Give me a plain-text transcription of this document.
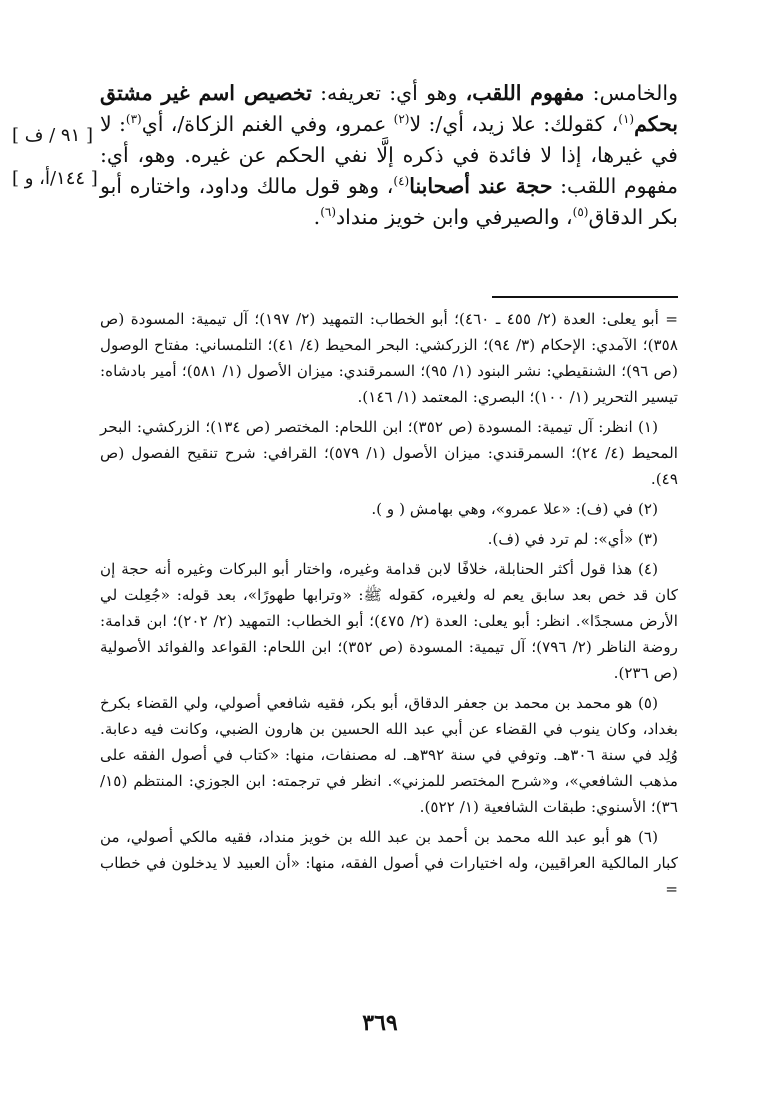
والخامس: مفهوم اللقب، وهو أي: تعريفه: تخصيص اسم غير مشتق بحكم$^{(١)}$، كقولك: علا زيد، أي/: لا$^{(٢)}$ عمرو، وفي الغنم الزكاة/، أي$^{(٣)}$: لا في غيرها، إذا لا فائدة في ذكره إلَّا نفي الحكم عن غيره. وهو، أي: مفهوم اللقب: حجة عند أصحابنا$^{(٤)}$، وهو قول مالك وداود، واختاره أبو بكر الدقاق$^{(٥)}$، والصيرفي وابن خويز منداد$^{(٦)}$.

[ ٩١ / ف ]
[ ١٤٤/أ، و ]

= أبو يعلى: العدة (٢/ ٤٥٥ ـ ٤٦٠)؛ أبو الخطاب: التمهيد (٢/ ١٩٧)؛ آل تيمية: المسودة (ص ٣٥٨)؛ الآمدي: الإحكام (٣/ ٩٤)؛ الزركشي: البحر المحيط (٤/ ٤١)؛ التلمساني: مفتاح الوصول (ص ٩٦)؛ الشنقيطي: نشر البنود (١/ ٩٥)؛ السمرقندي: ميزان الأصول (١/ ٥٨١)؛ أمير بادشاه: تيسير التحرير (١/ ١٠٠)؛ البصري: المعتمد (١/ ١٤٦).

(١) انظر: آل تيمية: المسودة (ص ٣٥٢)؛ ابن اللحام: المختصر (ص ١٣٤)؛ الزركشي: البحر المحيط (٤/ ٢٤)؛ السمرقندي: ميزان الأصول (١/ ٥٧٩)؛ القرافي: شرح تنقيح الفصول (ص ٤٩).

(٢) في (ف): «علا عمرو»، وهي بهامش ( و ).

(٣) «أي»: لم ترد في (ف).

(٤) هذا قول أكثر الحنابلة، خلافًا لابن قدامة وغيره، واختار أبو البركات وغيره أنه حجة إن كان قد خص بعد سابق يعم له ولغيره، كقوله ﷺ: «وترابها طهورًا»، بعد قوله: «جُعِلت لي الأرض مسجدًا». انظر: أبو يعلى: العدة (٢/ ٤٧٥)؛ أبو الخطاب: التمهيد (٢/ ٢٠٢)؛ ابن قدامة: روضة الناظر (٢/ ٧٩٦)؛ آل تيمية: المسودة (ص ٣٥٢)؛ ابن اللحام: القواعد والفوائد الأصولية (ص ٢٣٦).

(٥) هو محمد بن محمد بن جعفر الدقاق، أبو بكر، فقيه شافعي أصولي، ولي القضاء بكرخ بغداد، وكان ينوب في القضاء عن أبي عبد الله الحسين بن هارون الضبي، وكانت فيه دعابة. وُلِد في سنة ٣٠٦هـ. وتوفي في سنة ٣٩٢هـ. له مصنفات، منها: «كتاب في أصول الفقه على مذهب الشافعي»، و«شرح المختصر للمزني». انظر في ترجمته: ابن الجوزي: المنتظم (١٥/ ٣٦)؛ الأسنوي: طبقات الشافعية (١/ ٥٢٢).

(٦) هو أبو عبد الله محمد بن أحمد بن عبد الله بن خويز منداد، فقيه مالكي أصولي، من كبار المالكية العراقيين، وله اختيارات في أصول الفقه، منها: «أن العبيد لا يدخلون في خطاب =

٣٦٩
